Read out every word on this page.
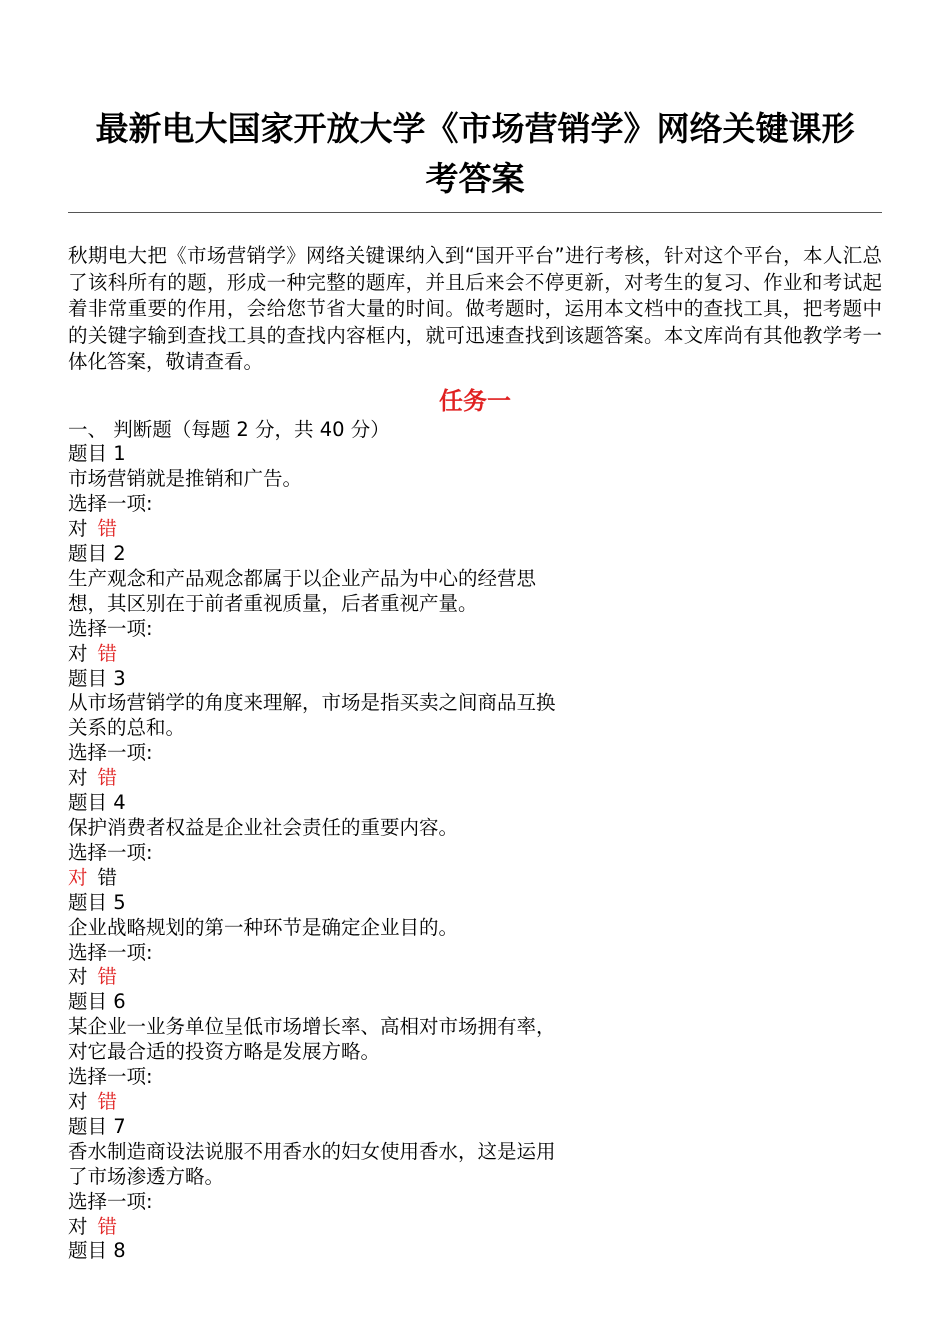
最新电大国家开放大学《市场营销学》网络关键课形
考答案

秋期电大把《市场营销学》网络关键课纳入到“国开平台”进行考核，针对这个平台，本人汇总了该科所有的题，形成一种完整的题库，并且后来会不停更新，对考生的复习、作业和考试起着非常重要的作用，会给您节省大量的时间。做考题时，运用本文档中的查找工具，把考题中的关键字输到查找工具的查找内容框内，就可迅速查找到该题答案。本文库尚有其他教学考一体化答案，敬请查看。

任务一
一、 判断题（每题 2 分，共 40 分）
题目 1
市场营销就是推销和广告。
选择一项:
对 错
题目 2
生产观念和产品观念都属于以企业产品为中心的经营思
想，其区别在于前者重视质量，后者重视产量。
选择一项:
对 错
题目 3
从市场营销学的角度来理解，市场是指买卖之间商品互换
关系的总和。
选择一项:
对 错
题目 4
保护消费者权益是企业社会责任的重要内容。
选择一项:
对 错
题目 5
企业战略规划的第一种环节是确定企业目的。
选择一项:
对 错
题目 6
某企业一业务单位呈低市场增长率、高相对市场拥有率，
对它最合适的投资方略是发展方略。
选择一项:
对 错
题目 7
香水制造商设法说服不用香水的妇女使用香水，这是运用
了市场渗透方略。
选择一项:
对 错
题目 8
